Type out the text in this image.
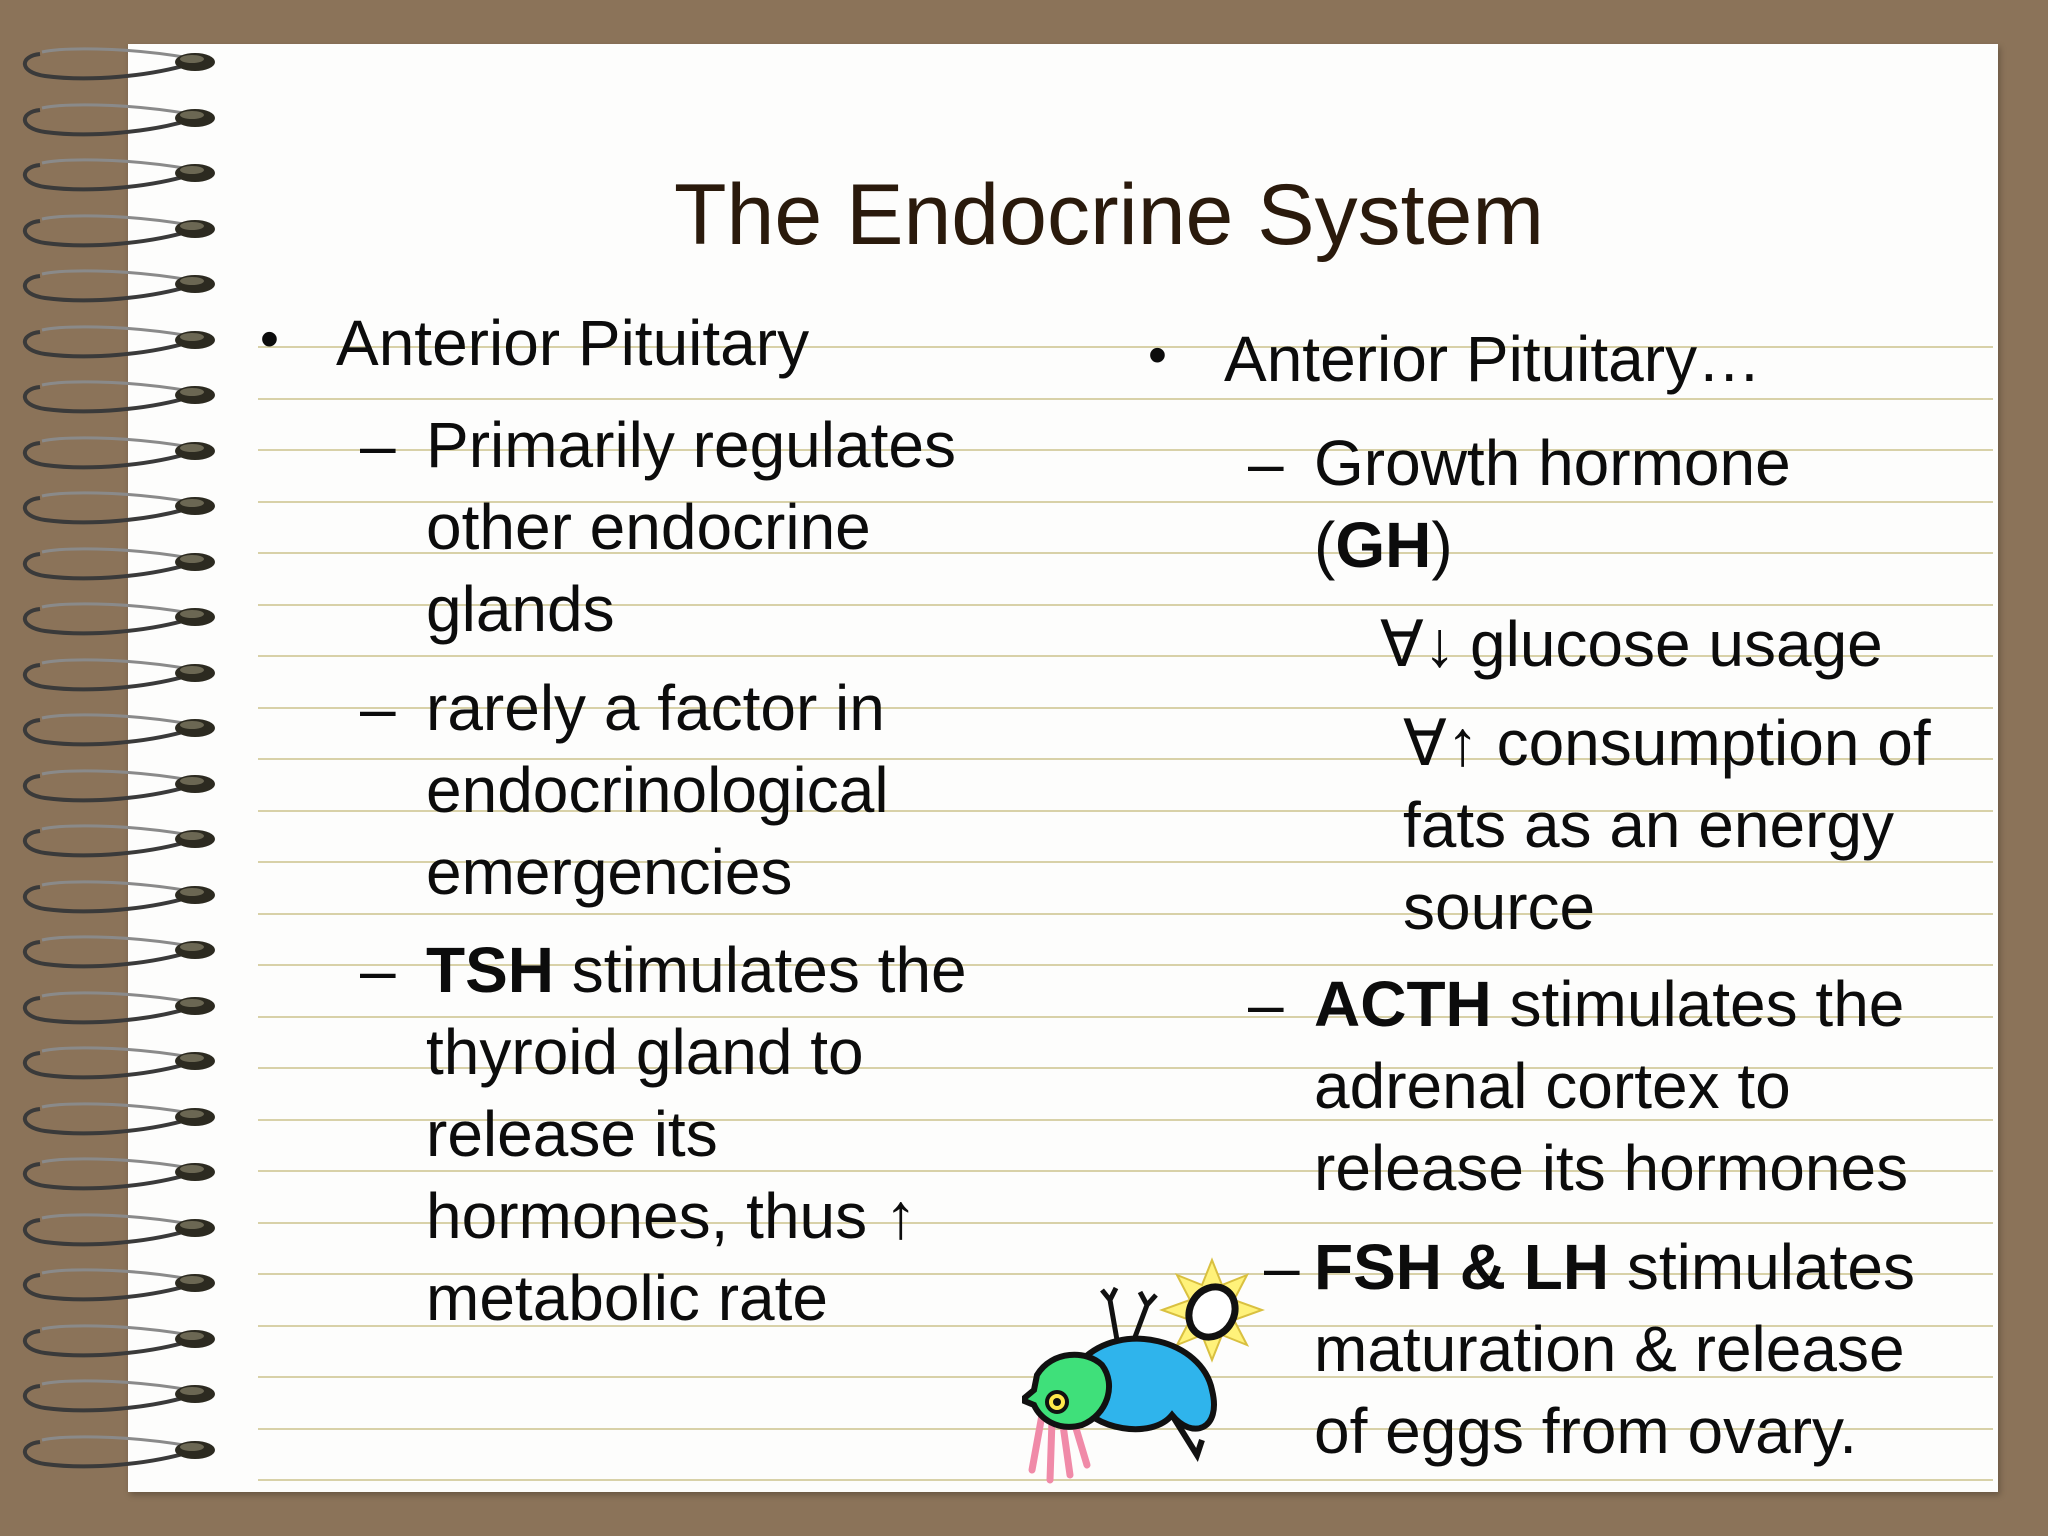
The Endocrine System
• Anterior Pituitary
– Primarily regulates
other endocrine
glands
– rarely a factor in
endocrinological
emergencies
– TSH stimulates the
thyroid gland to
release its
hormones, thus ↑
metabolic rate
• Anterior Pituitary…
– Growth hormone
(GH)
∀↓ glucose usage
∀↑ consumption of
fats as an energy
source
– ACTH stimulates the
adrenal cortex to
release its hormones
– FSH & LH stimulates
maturation & release
of eggs from ovary.
